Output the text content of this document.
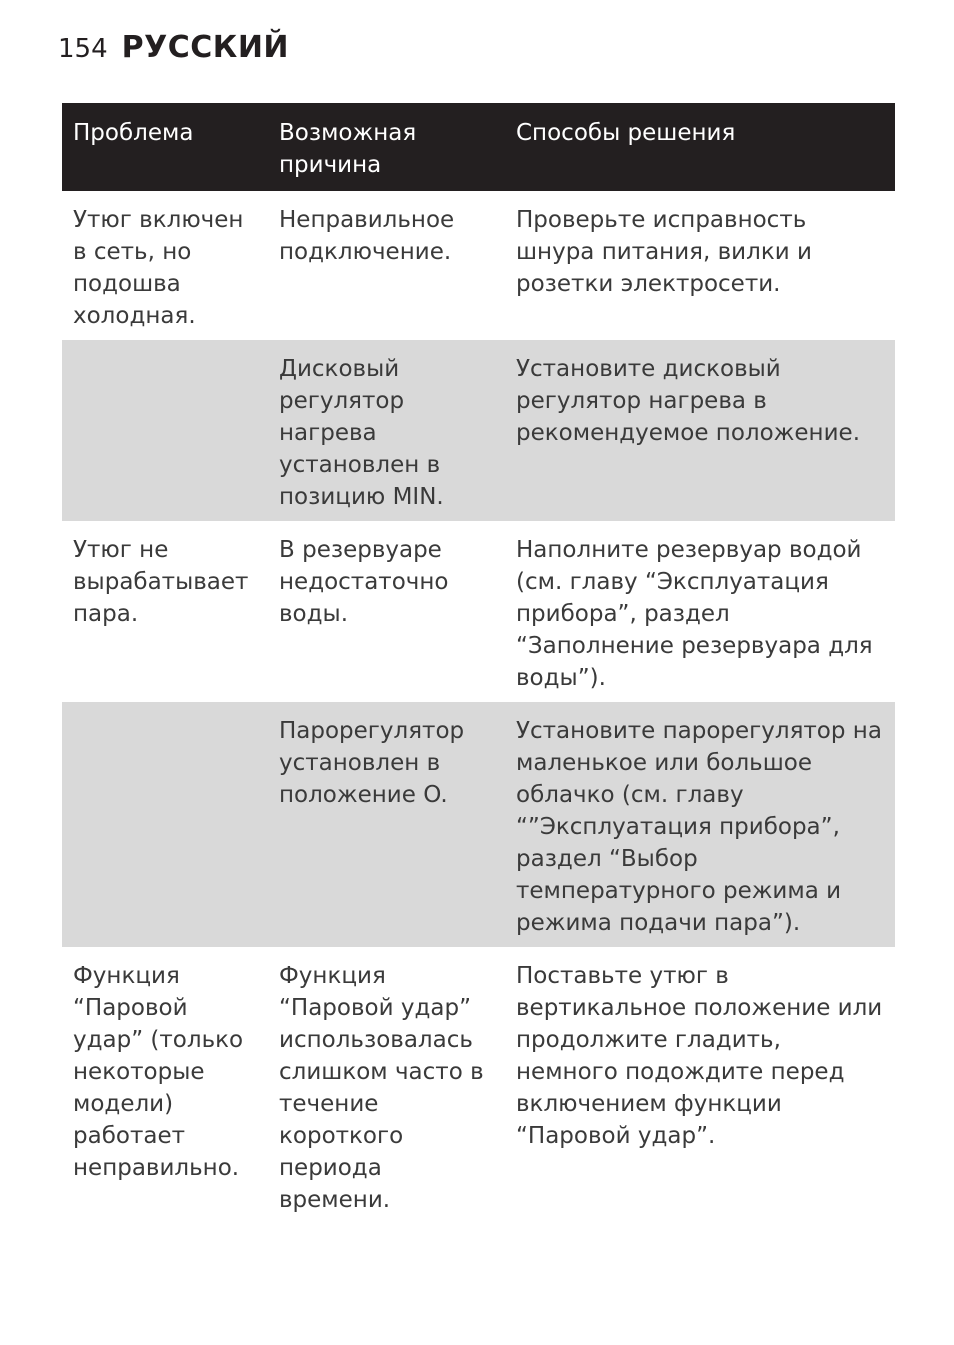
154 РУССКИЙ
Проблема	Возможная причина	Способы решения

Утюг включен в сеть, но подошва холодная.	Неправильное подключение.	Проверьте исправность шнура питания, вилки и розетки электросети.

	Дисковый регулятор нагрева установлен в позицию MIN.	Установите дисковый регулятор нагрева в рекомендуемое положение.

Утюг не вырабатывает пара.	В резервуаре недостаточно воды.	Наполните резервуар водой (см. главу “Эксплуатация прибора”, раздел “Заполнение резервуара для воды”).

	Парорегулятор установлен в положение O.	Установите парорегулятор на маленькое или большое облачко (см. главу “”Эксплуатация прибора”, раздел “Выбор температурного режима и режима подачи пара”).

Функция “Паровой удар” (только некоторые модели) работает неправильно.	Функция “Паровой удар” использовалась слишком часто в течение короткого периода времени.	Поставьте утюг в вертикальное положение или продолжите гладить, немного подождите перед включением функции “Паровой удар”.
